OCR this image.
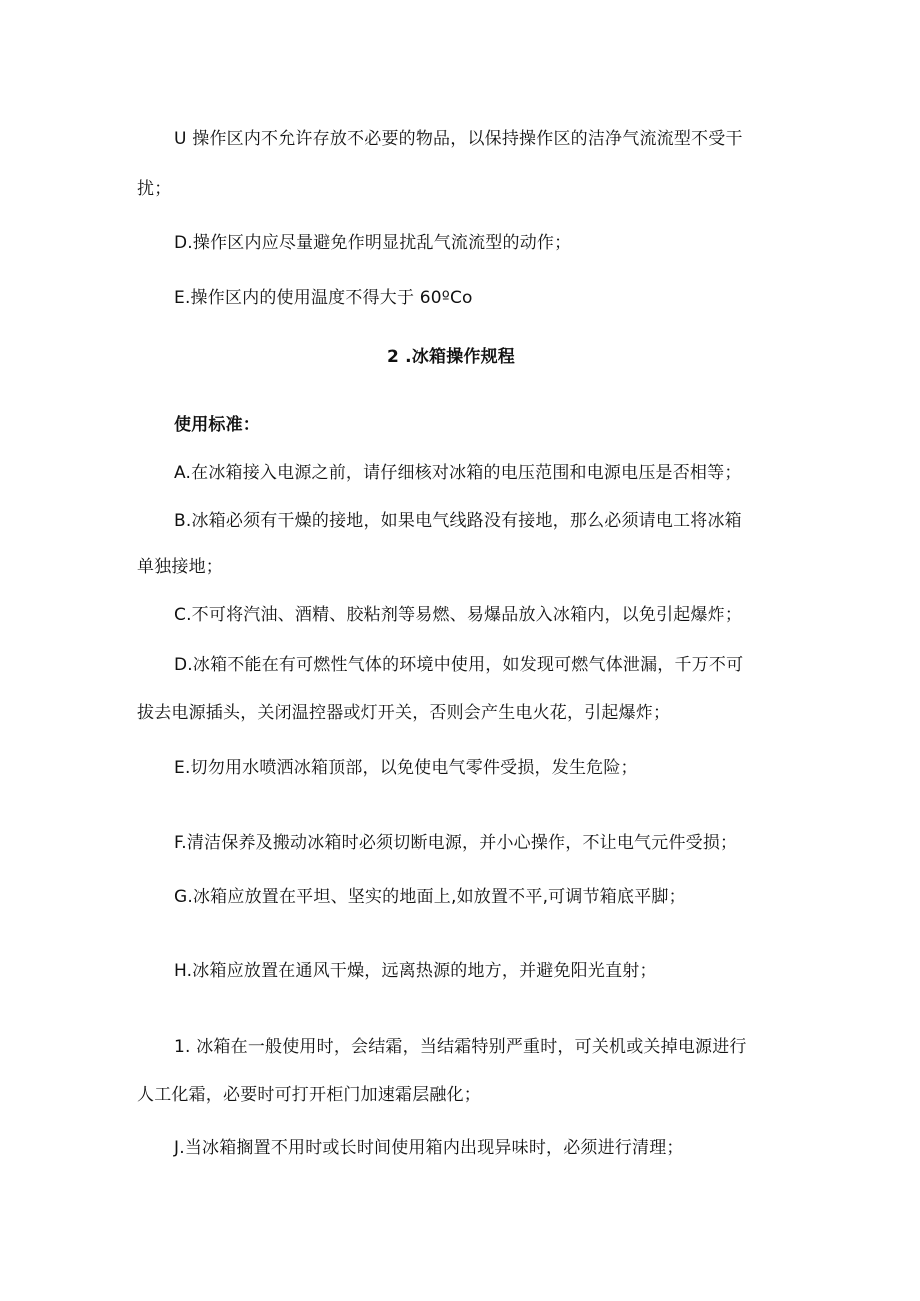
U 操作区内不允许存放不必要的物品，以保持操作区的洁净气流流型不受干
扰；
D.操作区内应尽量避免作明显扰乱气流流型的动作；
E.操作区内的使用温度不得大于 60ºCo
2 .冰箱操作规程
使用标准：
A.在冰箱接入电源之前，请仔细核对冰箱的电压范围和电源电压是否相等；
B.冰箱必须有干燥的接地，如果电气线路没有接地，那么必须请电工将冰箱
单独接地；
C.不可将汽油、酒精、胶粘剂等易燃、易爆品放入冰箱内，以免引起爆炸；
D.冰箱不能在有可燃性气体的环境中使用，如发现可燃气体泄漏，千万不可
拔去电源插头，关闭温控器或灯开关，否则会产生电火花，引起爆炸；
E.切勿用水喷洒冰箱顶部，以免使电气零件受损，发生危险；
F.清洁保养及搬动冰箱时必须切断电源，并小心操作，不让电气元件受损；
G.冰箱应放置在平坦、坚实的地面上,如放置不平,可调节箱底平脚；
H.冰箱应放置在通风干燥，远离热源的地方，并避免阳光直射；
1. 冰箱在一般使用时，会结霜，当结霜特别严重时，可关机或关掉电源进行
人工化霜，必要时可打开柜门加速霜层融化；
J.当冰箱搁置不用时或长时间使用箱内出现异味时，必须进行清理；
